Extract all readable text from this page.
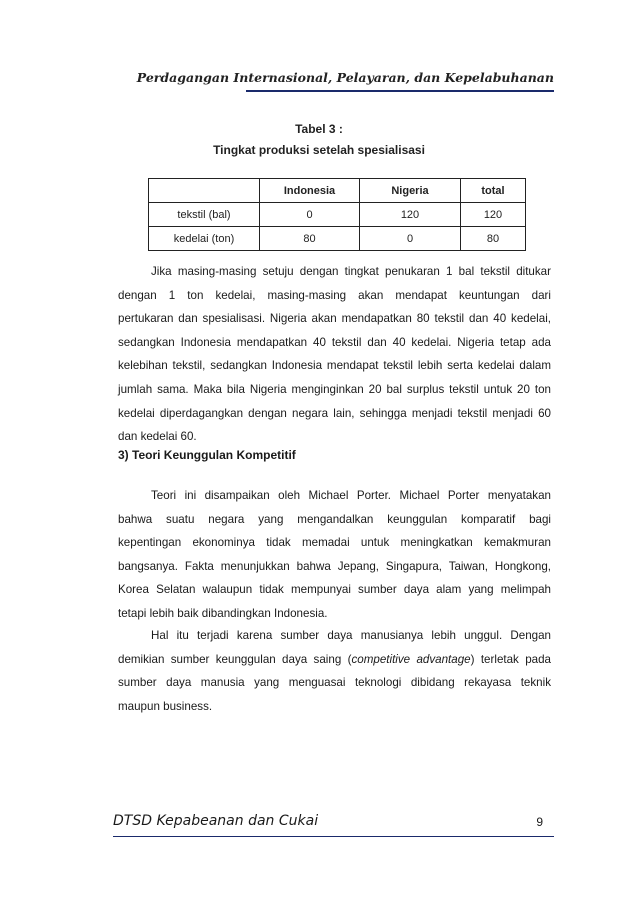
Perdagangan Internasional, Pelayaran, dan Kepelabuhanan
Tabel 3 :
Tingkat produksi setelah spesialisasi
	Indonesia	Nigeria	total
tekstil (bal)	0	120	120
kedelai (ton)	80	0	80
Jika masing-masing setuju dengan tingkat penukaran 1 bal tekstil ditukar
dengan 1 ton kedelai, masing-masing akan mendapat keuntungan dari
pertukaran dan spesialisasi. Nigeria akan mendapatkan 80 tekstil dan 40 kedelai,
sedangkan Indonesia mendapatkan 40 tekstil dan 40 kedelai. Nigeria tetap ada
kelebihan tekstil, sedangkan Indonesia mendapat tekstil lebih serta kedelai dalam
jumlah sama. Maka bila Nigeria menginginkan 20 bal surplus tekstil untuk 20 ton
kedelai diperdagangkan dengan negara lain, sehingga menjadi tekstil menjadi 60
dan kedelai 60.
3) Teori Keunggulan Kompetitif
Teori ini disampaikan oleh Michael Porter. Michael Porter menyatakan
bahwa suatu negara yang mengandalkan keunggulan komparatif bagi
kepentingan ekonominya tidak memadai untuk meningkatkan kemakmuran
bangsanya. Fakta menunjukkan bahwa Jepang, Singapura, Taiwan, Hongkong,
Korea Selatan walaupun tidak mempunyai sumber daya alam yang melimpah
tetapi lebih baik dibandingkan Indonesia.
Hal itu terjadi karena sumber daya manusianya lebih unggul. Dengan
demikian sumber keunggulan daya saing (competitive advantage) terletak pada
sumber daya manusia yang menguasai teknologi dibidang rekayasa teknik
maupun business.
DTSD Kepabeanan dan Cukai	9
